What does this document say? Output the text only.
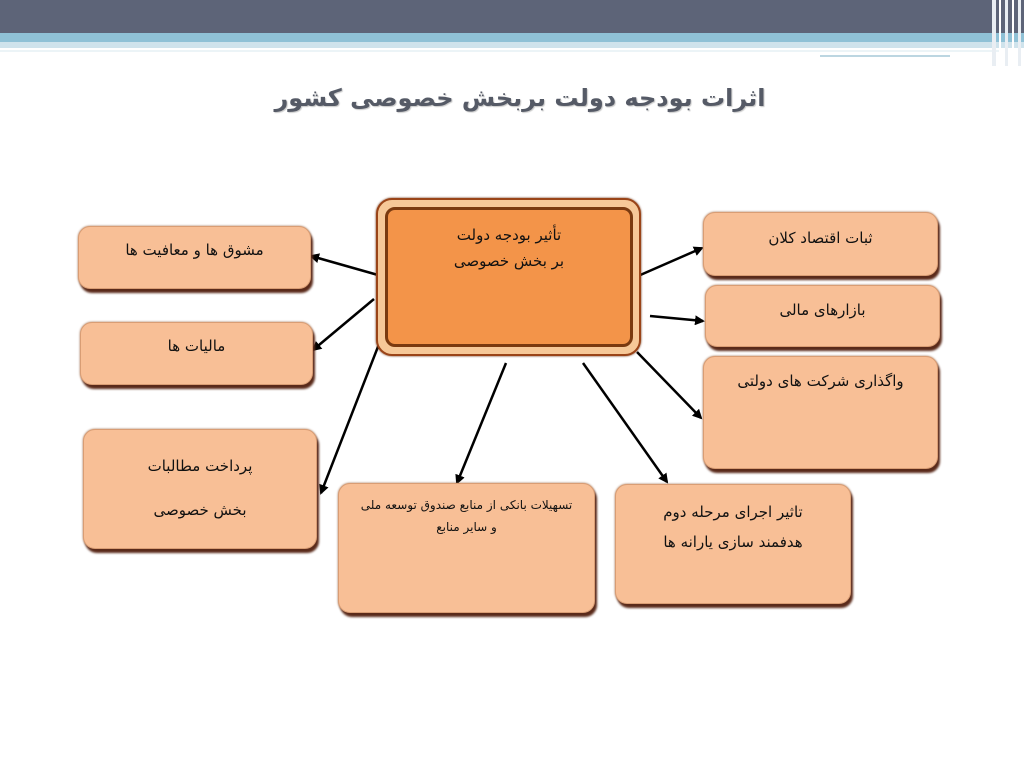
اثرات بودجه دولت بربخش خصوصی کشور
تأثیر بودجه دولت
بر بخش خصوصی
ثبات اقتصاد کلان
بازارهای مالی
واگذاری شرکت های دولتی
مشوق ها و معافیت ها
مالیات ها
پرداخت مطالبات
بخش خصوصی	تسهیلات بانکی از منابع صندوق توسعه ملی و سایر منابع
تاثیر اجرای مرحله دوم
هدفمند سازی یارانه ها
